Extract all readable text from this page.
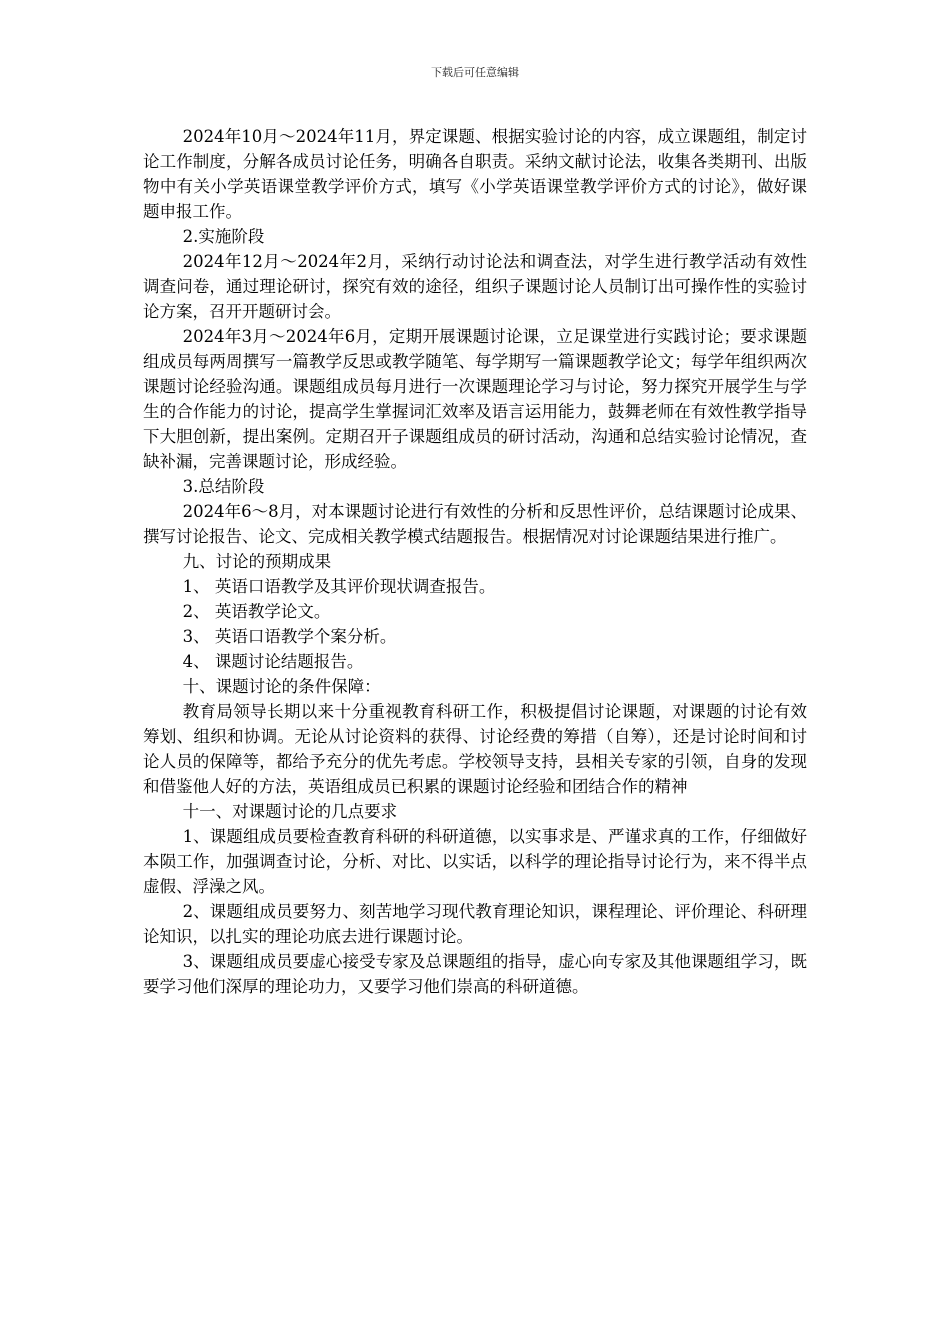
下载后可任意编辑

2024年10月～2024年11月，界定课题、根据实验讨论的内容，成立课题组，制定讨论工作制度，分解各成员讨论任务，明确各自职责。采纳文献讨论法，收集各类期刊、出版物中有关小学英语课堂教学评价方式，填写《小学英语课堂教学评价方式的讨论》，做好课题申报工作。

2.实施阶段

2024年12月～2024年2月，采纳行动讨论法和调查法，对学生进行教学活动有效性调查问卷，通过理论研讨，探究有效的途径，组织子课题讨论人员制订出可操作性的实验讨论方案，召开开题研讨会。

2024年3月～2024年6月，定期开展课题讨论课，立足课堂进行实践讨论；要求课题组成员每两周撰写一篇教学反思或教学随笔、每学期写一篇课题教学论文；每学年组织两次课题讨论经验沟通。课题组成员每月进行一次课题理论学习与讨论，努力探究开展学生与学生的合作能力的讨论，提高学生掌握词汇效率及语言运用能力，鼓舞老师在有效性教学指导下大胆创新，提出案例。定期召开子课题组成员的研讨活动，沟通和总结实验讨论情况，查缺补漏，完善课题讨论，形成经验。

3.总结阶段

2024年6～8月，对本课题讨论进行有效性的分析和反思性评价，总结课题讨论成果、撰写讨论报告、论文、完成相关教学模式结题报告。根据情况对讨论课题结果进行推广。

九、讨论的预期成果

1、 英语口语教学及其评价现状调查报告。

2、 英语教学论文。

3、 英语口语教学个案分析。

4、 课题讨论结题报告。

十、课题讨论的条件保障：

教育局领导长期以来十分重视教育科研工作，积极提倡讨论课题，对课题的讨论有效筹划、组织和协调。无论从讨论资料的获得、讨论经费的筹措（自筹），还是讨论时间和讨论人员的保障等，都给予充分的优先考虑。学校领导支持，县相关专家的引领，自身的发现和借鉴他人好的方法，英语组成员已积累的课题讨论经验和团结合作的精神

十一、对课题讨论的几点要求

1、课题组成员要检查教育科研的科研道德，以实事求是、严谨求真的工作，仔细做好本陨工作，加强调查讨论，分析、对比、以实话，以科学的理论指导讨论行为，来不得半点虚假、浮澡之风。

2、课题组成员要努力、刻苦地学习现代教育理论知识，课程理论、评价理论、科研理论知识，以扎实的理论功底去进行课题讨论。

3、课题组成员要虚心接受专家及总课题组的指导，虚心向专家及其他课题组学习，既要学习他们深厚的理论功力，又要学习他们崇高的科研道德。
